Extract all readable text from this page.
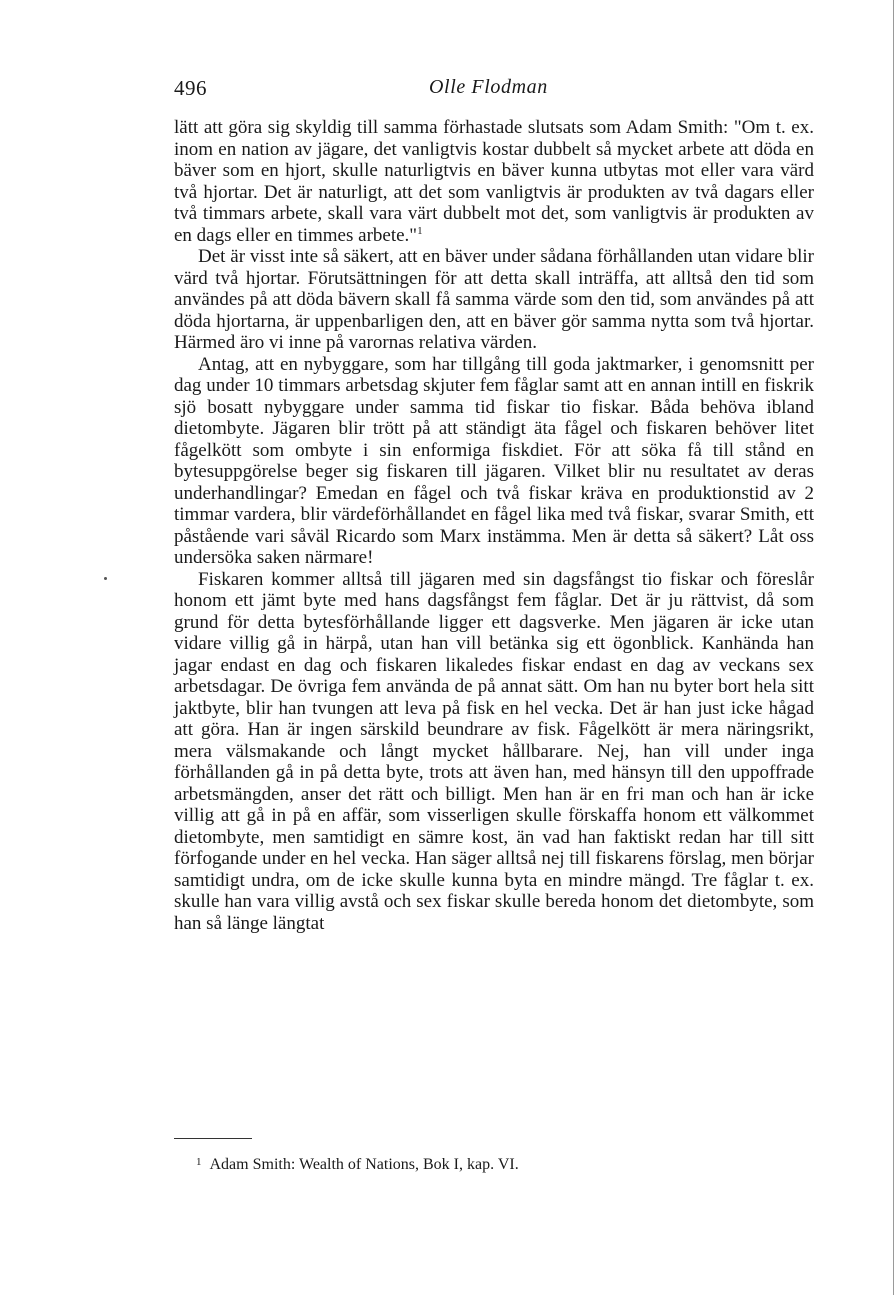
496	Olle Flodman

lätt att göra sig skyldig till samma förhastade slutsats som Adam Smith: "Om t. ex. inom en nation av jägare, det vanligtvis kostar dubbelt så mycket arbete att döda en bäver som en hjort, skulle naturligtvis en bäver kunna utbytas mot eller vara värd två hjortar. Det är naturligt, att det som vanligtvis är produkten av två dagars eller två timmars arbete, skall vara värt dubbelt mot det, som vanligtvis är produkten av en dags eller en timmes arbete."$^1$

Det är visst inte så säkert, att en bäver under sådana förhållanden utan vidare blir värd två hjortar. Förutsättningen för att detta skall inträffa, att alltså den tid som användes på att döda bävern skall få samma värde som den tid, som användes på att döda hjortarna, är uppenbarligen den, att en bäver gör samma nytta som två hjortar. Härmed äro vi inne på varornas relativa värden.

Antag, att en nybyggare, som har tillgång till goda jaktmarker, i genomsnitt per dag under 10 timmars arbetsdag skjuter fem fåglar samt att en annan intill en fiskrik sjö bosatt nybyggare under samma tid fiskar tio fiskar. Båda behöva ibland dietombyte. Jägaren blir trött på att ständigt äta fågel och fiskaren behöver litet fågelkött som ombyte i sin enformiga fiskdiet. För att söka få till stånd en bytesuppgörelse beger sig fiskaren till jägaren. Vilket blir nu resultatet av deras underhandlingar? Emedan en fågel och två fiskar kräva en produktionstid av 2 timmar vardera, blir värdeförhållandet en fågel lika med två fiskar, svarar Smith, ett påstående vari såväl Ricardo som Marx instämma. Men är detta så säkert? Låt oss undersöka saken närmare!

Fiskaren kommer alltså till jägaren med sin dagsfångst tio fiskar och föreslår honom ett jämt byte med hans dagsfångst fem fåglar. Det är ju rättvist, då som grund för detta bytesförhållande ligger ett dagsverke. Men jägaren är icke utan vidare villig gå in härpå, utan han vill betänka sig ett ögonblick. Kanhända han jagar endast en dag och fiskaren likaledes fiskar endast en dag av veckans sex arbetsdagar. De övriga fem använda de på annat sätt. Om han nu byter bort hela sitt jaktbyte, blir han tvungen att leva på fisk en hel vecka. Det är han just icke hågad att göra. Han är ingen särskild beundrare av fisk. Fågelkött är mera näringsrikt, mera välsmakande och långt mycket hållbarare. Nej, han vill under inga förhållanden gå in på detta byte, trots att även han, med hänsyn till den uppoffrade arbetsmängden, anser det rätt och billigt. Men han är en fri man och han är icke villig att gå in på en affär, som visserligen skulle förskaffa honom ett välkommet dietombyte, men samtidigt en sämre kost, än vad han faktiskt redan har till sitt förfogande under en hel vecka. Han säger alltså nej till fiskarens förslag, men börjar samtidigt undra, om de icke skulle kunna byta en mindre mängd. Tre fåglar t. ex. skulle han vara villig avstå och sex fiskar skulle bereda honom det dietombyte, som han så länge längtat

$^1$ Adam Smith: Wealth of Nations, Bok I, kap. VI.
